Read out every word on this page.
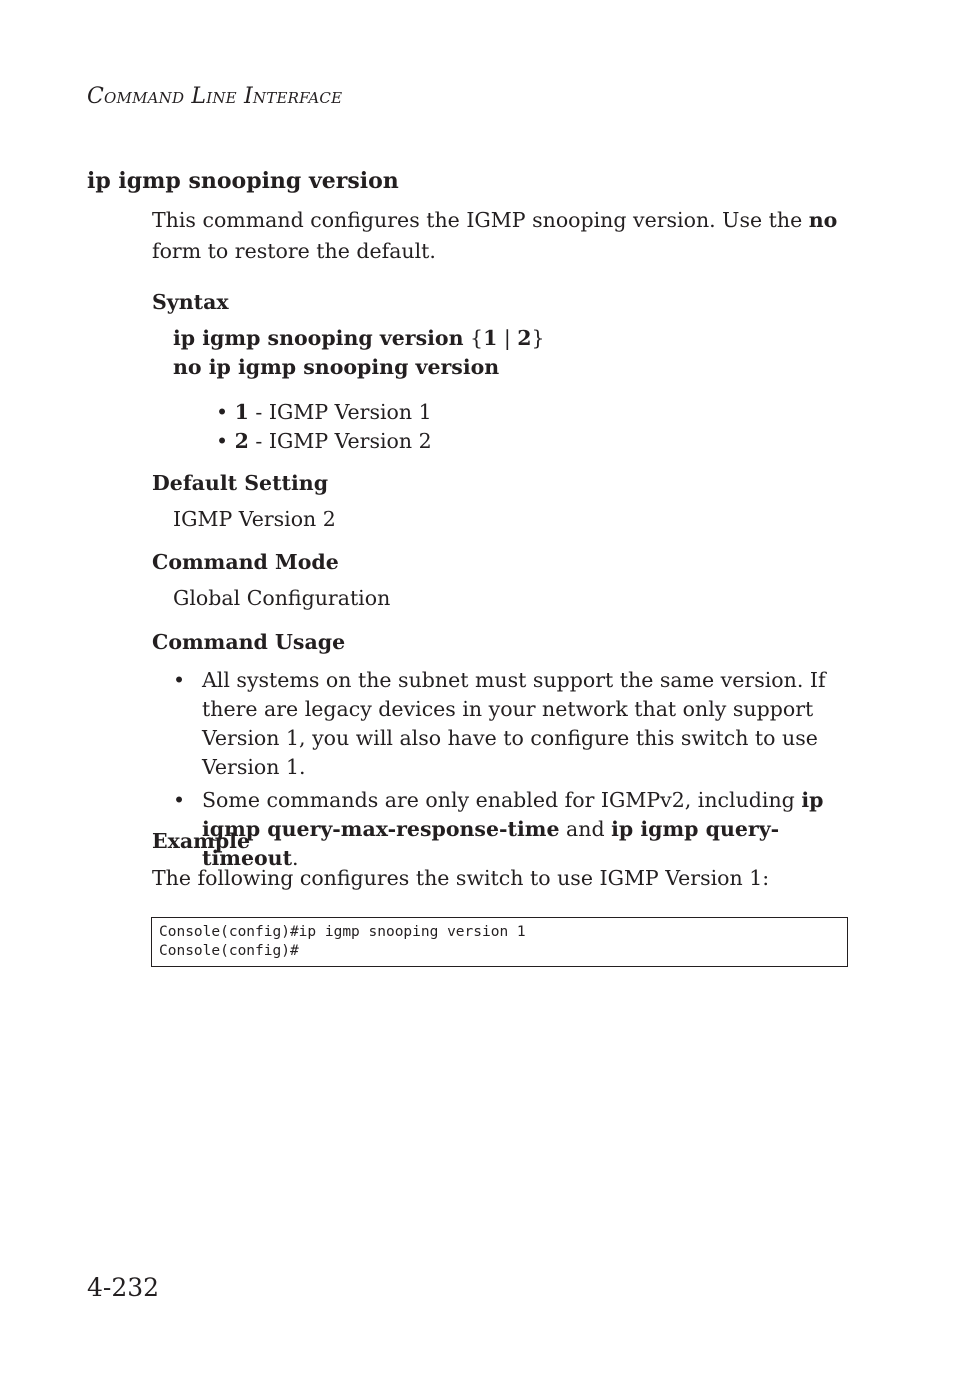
Command Line Interface
ip igmp snooping version

This command configures the IGMP snooping version. Use the no form to restore the default.

Syntax
ip igmp snooping version {1 | 2}
no ip igmp snooping version
• 1 - IGMP Version 1
• 2 - IGMP Version 2
Default Setting
IGMP Version 2
Command Mode
Global Configuration
Command Usage
• All systems on the subnet must support the same version. If there are legacy devices in your network that only support Version 1, you will also have to configure this switch to use Version 1.
• Some commands are only enabled for IGMPv2, including ip igmp query-max-response-time and ip igmp query-timeout.
Example
The following configures the switch to use IGMP Version 1:
Console(config)#ip igmp snooping version 1
Console(config)#
4-232
